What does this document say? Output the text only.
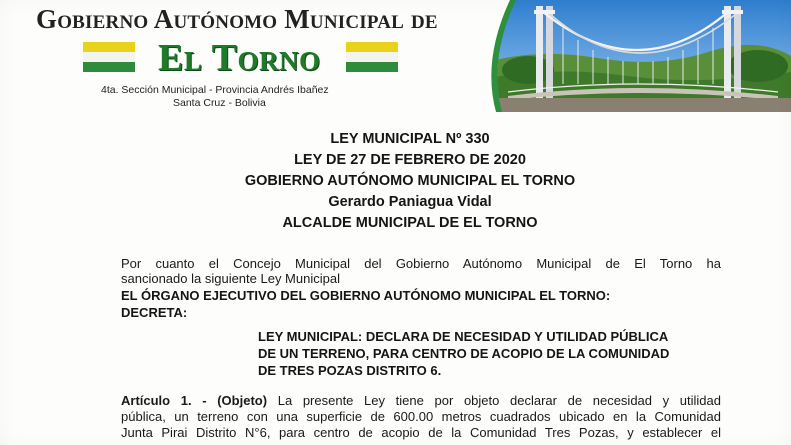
Gobierno Autónomo Municipal de
El Torno

4ta. Sección Municipal - Provincia Andrés Ibañez

Santa Cruz - Bolivia

LEY MUNICIPAL Nº 330

LEY DE 27 DE FEBRERO DE 2020

GOBIERNO AUTÓNOMO MUNICIPAL EL TORNO

Gerardo Paniagua Vidal

ALCALDE MUNICIPAL DE EL TORNO

Por cuanto el Concejo Municipal del Gobierno Autónomo Municipal de El Torno ha

sancionado la siguiente Ley Municipal

EL ÓRGANO EJECUTIVO DEL GOBIERNO AUTÓNOMO MUNICIPAL EL TORNO:

DECRETA:

LEY MUNICIPAL: DECLARA DE NECESIDAD Y UTILIDAD PÚBLICA

DE UN TERRENO, PARA CENTRO DE ACOPIO DE LA COMUNIDAD

DE TRES POZAS DISTRITO 6.

Artículo 1. - (Objeto) La presente Ley tiene por objeto declarar de necesidad y utilidad

pública, un terreno con una superficie de 600.00 metros cuadrados ubicado en la Comunidad

Junta Pirai Distrito N°6, para centro de acopio de la Comunidad Tres Pozas, y establecer el
